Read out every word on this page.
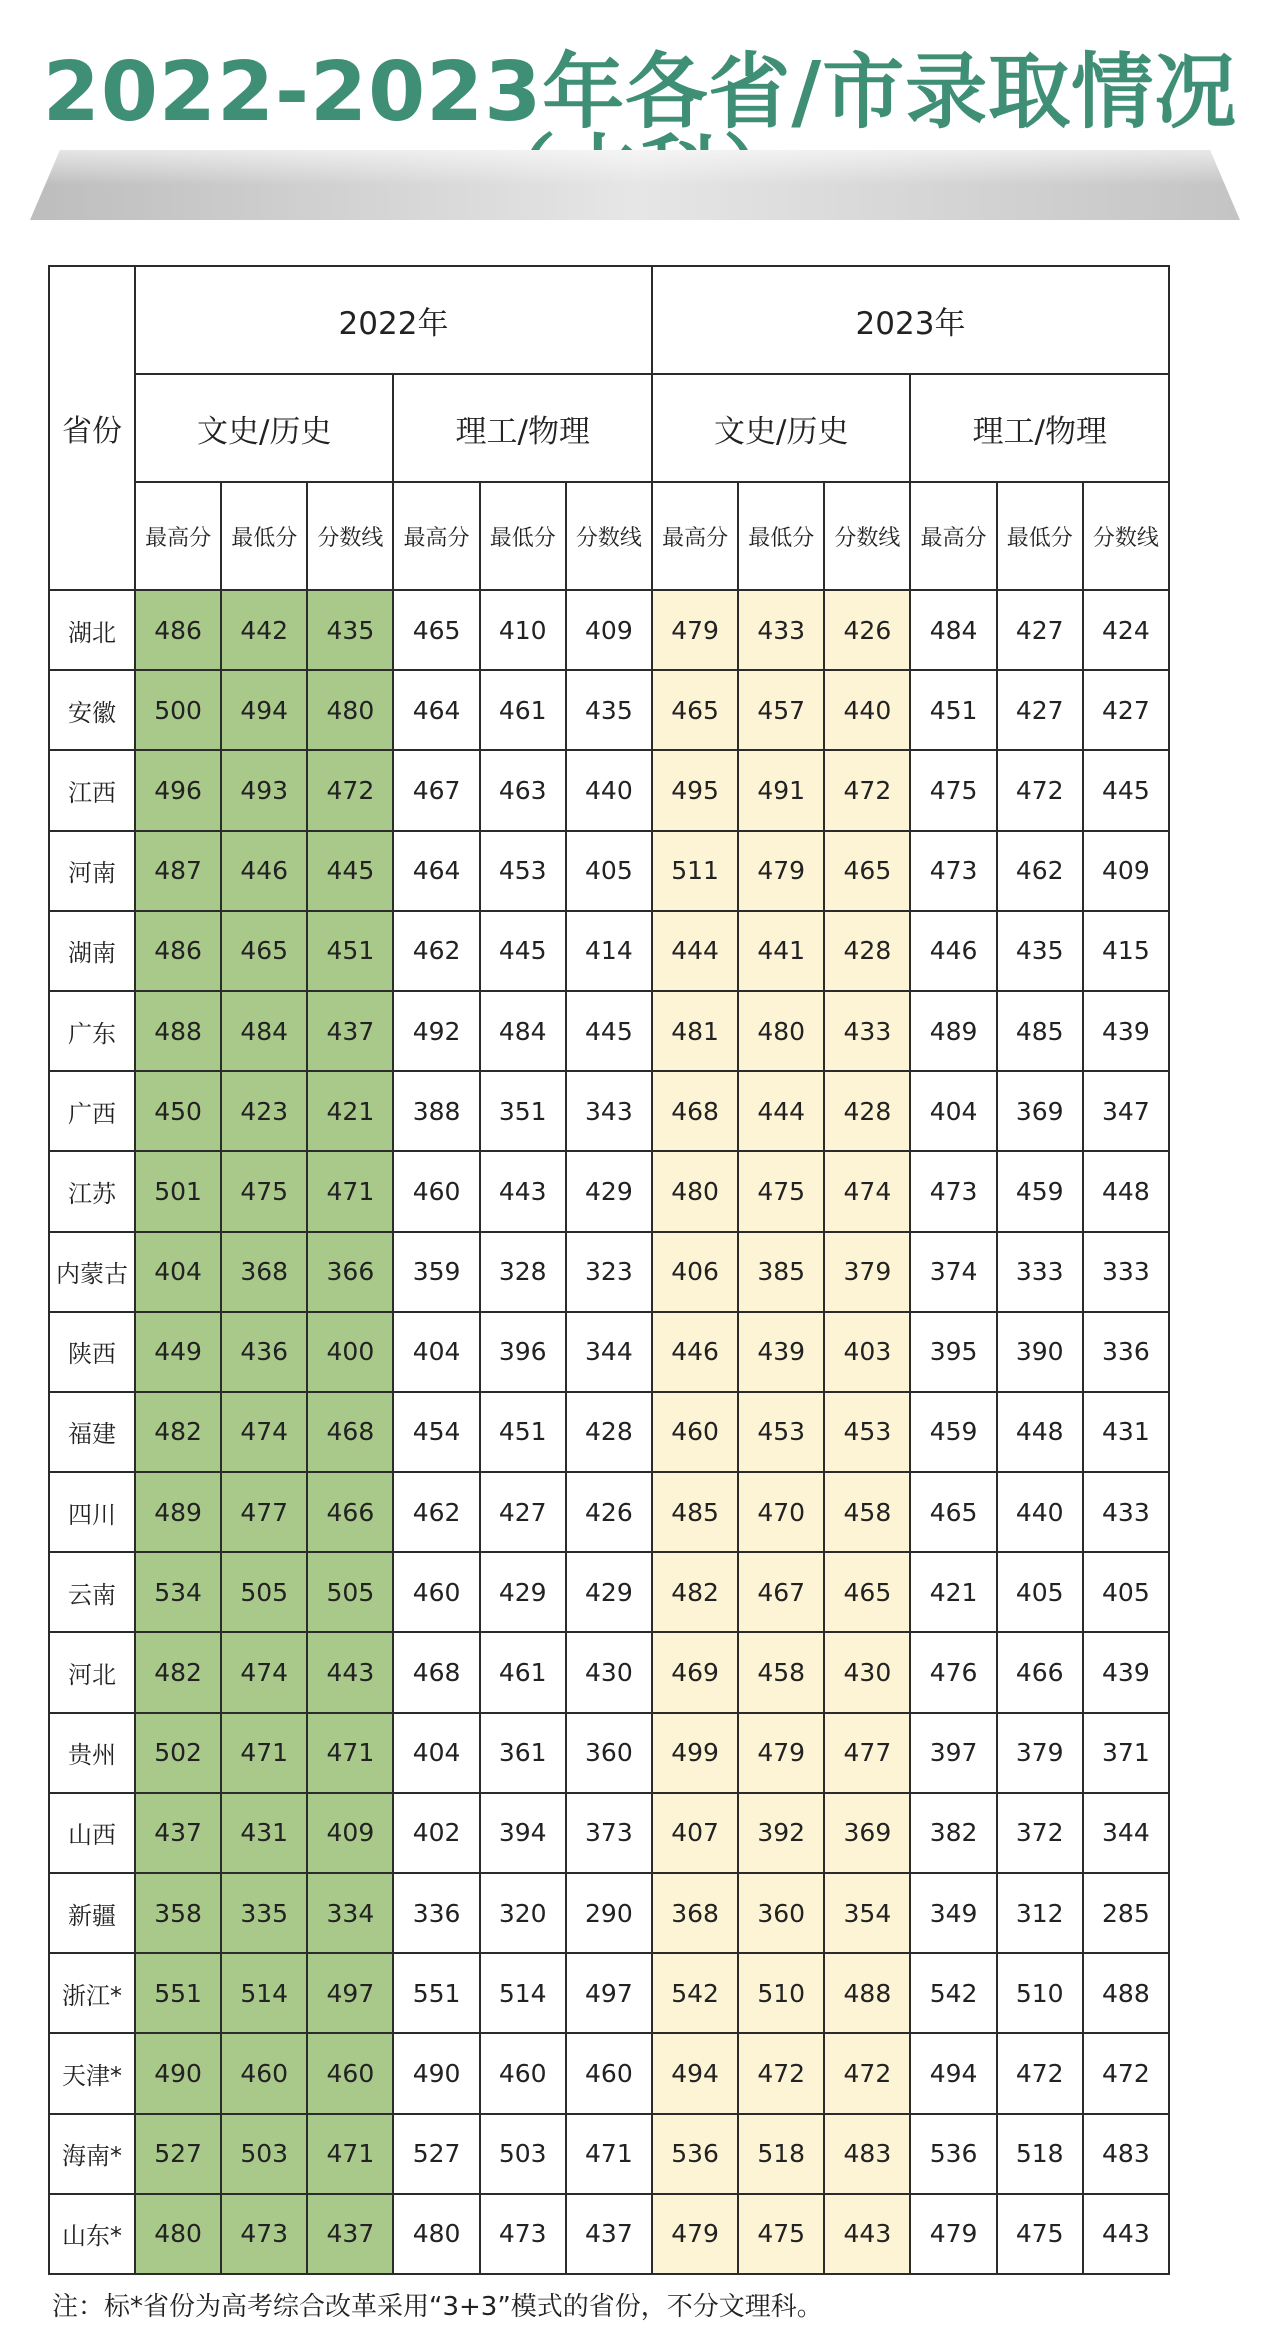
2022-2023年各省/市录取情况
省份	2022年						2023年					
	文史/历史			理工/物理			文史/历史			理工/物理		
	最高分	最低分	分数线	最高分	最低分	分数线	最高分	最低分	分数线	最高分	最低分	分数线
湖北	486	442	435	465	410	409	479	433	426	484	427	424
安徽	500	494	480	464	461	435	465	457	440	451	427	427
江西	496	493	472	467	463	440	495	491	472	475	472	445
河南	487	446	445	464	453	405	511	479	465	473	462	409
湖南	486	465	451	462	445	414	444	441	428	446	435	415
广东	488	484	437	492	484	445	481	480	433	489	485	439
广西	450	423	421	388	351	343	468	444	428	404	369	347
江苏	501	475	471	460	443	429	480	475	474	473	459	448
内蒙古	404	368	366	359	328	323	406	385	379	374	333	333
陕西	449	436	400	404	396	344	446	439	403	395	390	336
福建	482	474	468	454	451	428	460	453	453	459	448	431
四川	489	477	466	462	427	426	485	470	458	465	440	433
云南	534	505	505	460	429	429	482	467	465	421	405	405
河北	482	474	443	468	461	430	469	458	430	476	466	439
贵州	502	471	471	404	361	360	499	479	477	397	379	371
山西	437	431	409	402	394	373	407	392	369	382	372	344
新疆	358	335	334	336	320	290	368	360	354	349	312	285
浙江*	551	514	497	551	514	497	542	510	488	542	510	488
天津*	490	460	460	490	460	460	494	472	472	494	472	472
海南*	527	503	471	527	503	471	536	518	483	536	518	483
山东*	480	473	437	480	473	437	479	475	443	479	475	443
注：标*省份为高考综合改革采用“3+3”模式的省份，不分文理科。
